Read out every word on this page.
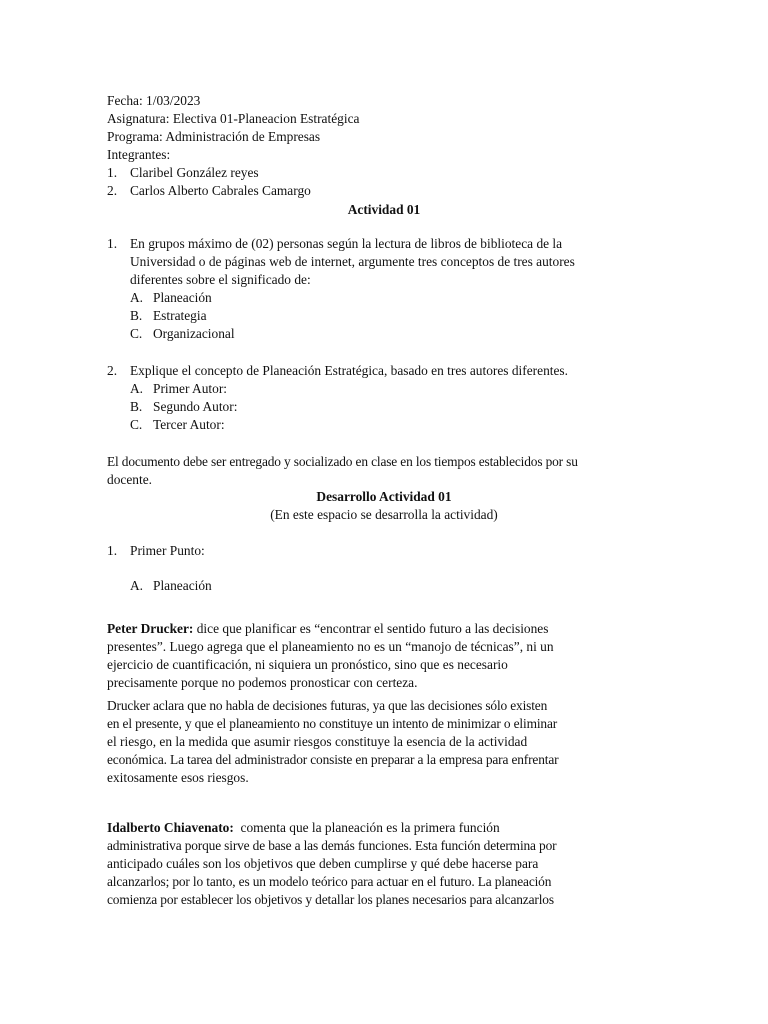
Fecha: 1/03/2023
Asignatura: Electiva 01-Planeacion Estratégica
Programa: Administración de Empresas
Integrantes:
1. Claribel González reyes
2. Carlos Alberto Cabrales Camargo
Actividad 01
1. En grupos máximo de (02) personas según la lectura de libros de biblioteca de la
Universidad o de páginas web de internet, argumente tres conceptos de tres autores
diferentes sobre el significado de:
A. Planeación
B. Estrategia
C. Organizacional
2. Explique el concepto de Planeación Estratégica, basado en tres autores diferentes.
A. Primer Autor:
B. Segundo Autor:
C. Tercer Autor:
El documento debe ser entregado y socializado en clase en los tiempos establecidos por su
docente.
Desarrollo Actividad 01
(En este espacio se desarrolla la actividad)
1. Primer Punto:
A. Planeación
Peter Drucker: dice que planificar es “encontrar el sentido futuro a las decisiones
presentes”. Luego agrega que el planeamiento no es un “manojo de técnicas”, ni un
ejercicio de cuantificación, ni siquiera un pronóstico, sino que es necesario
precisamente porque no podemos pronosticar con certeza.
Drucker aclara que no habla de decisiones futuras, ya que las decisiones sólo existen
en el presente, y que el planeamiento no constituye un intento de minimizar o eliminar
el riesgo, en la medida que asumir riesgos constituye la esencia de la actividad
económica. La tarea del administrador consiste en preparar a la empresa para enfrentar
exitosamente esos riesgos.
Idalberto Chiavenato:  comenta que la planeación es la primera función
administrativa porque sirve de base a las demás funciones. Esta función determina por
anticipado cuáles son los objetivos que deben cumplirse y qué debe hacerse para
alcanzarlos; por lo tanto, es un modelo teórico para actuar en el futuro. La planeación
comienza por establecer los objetivos y detallar los planes necesarios para alcanzarlos
